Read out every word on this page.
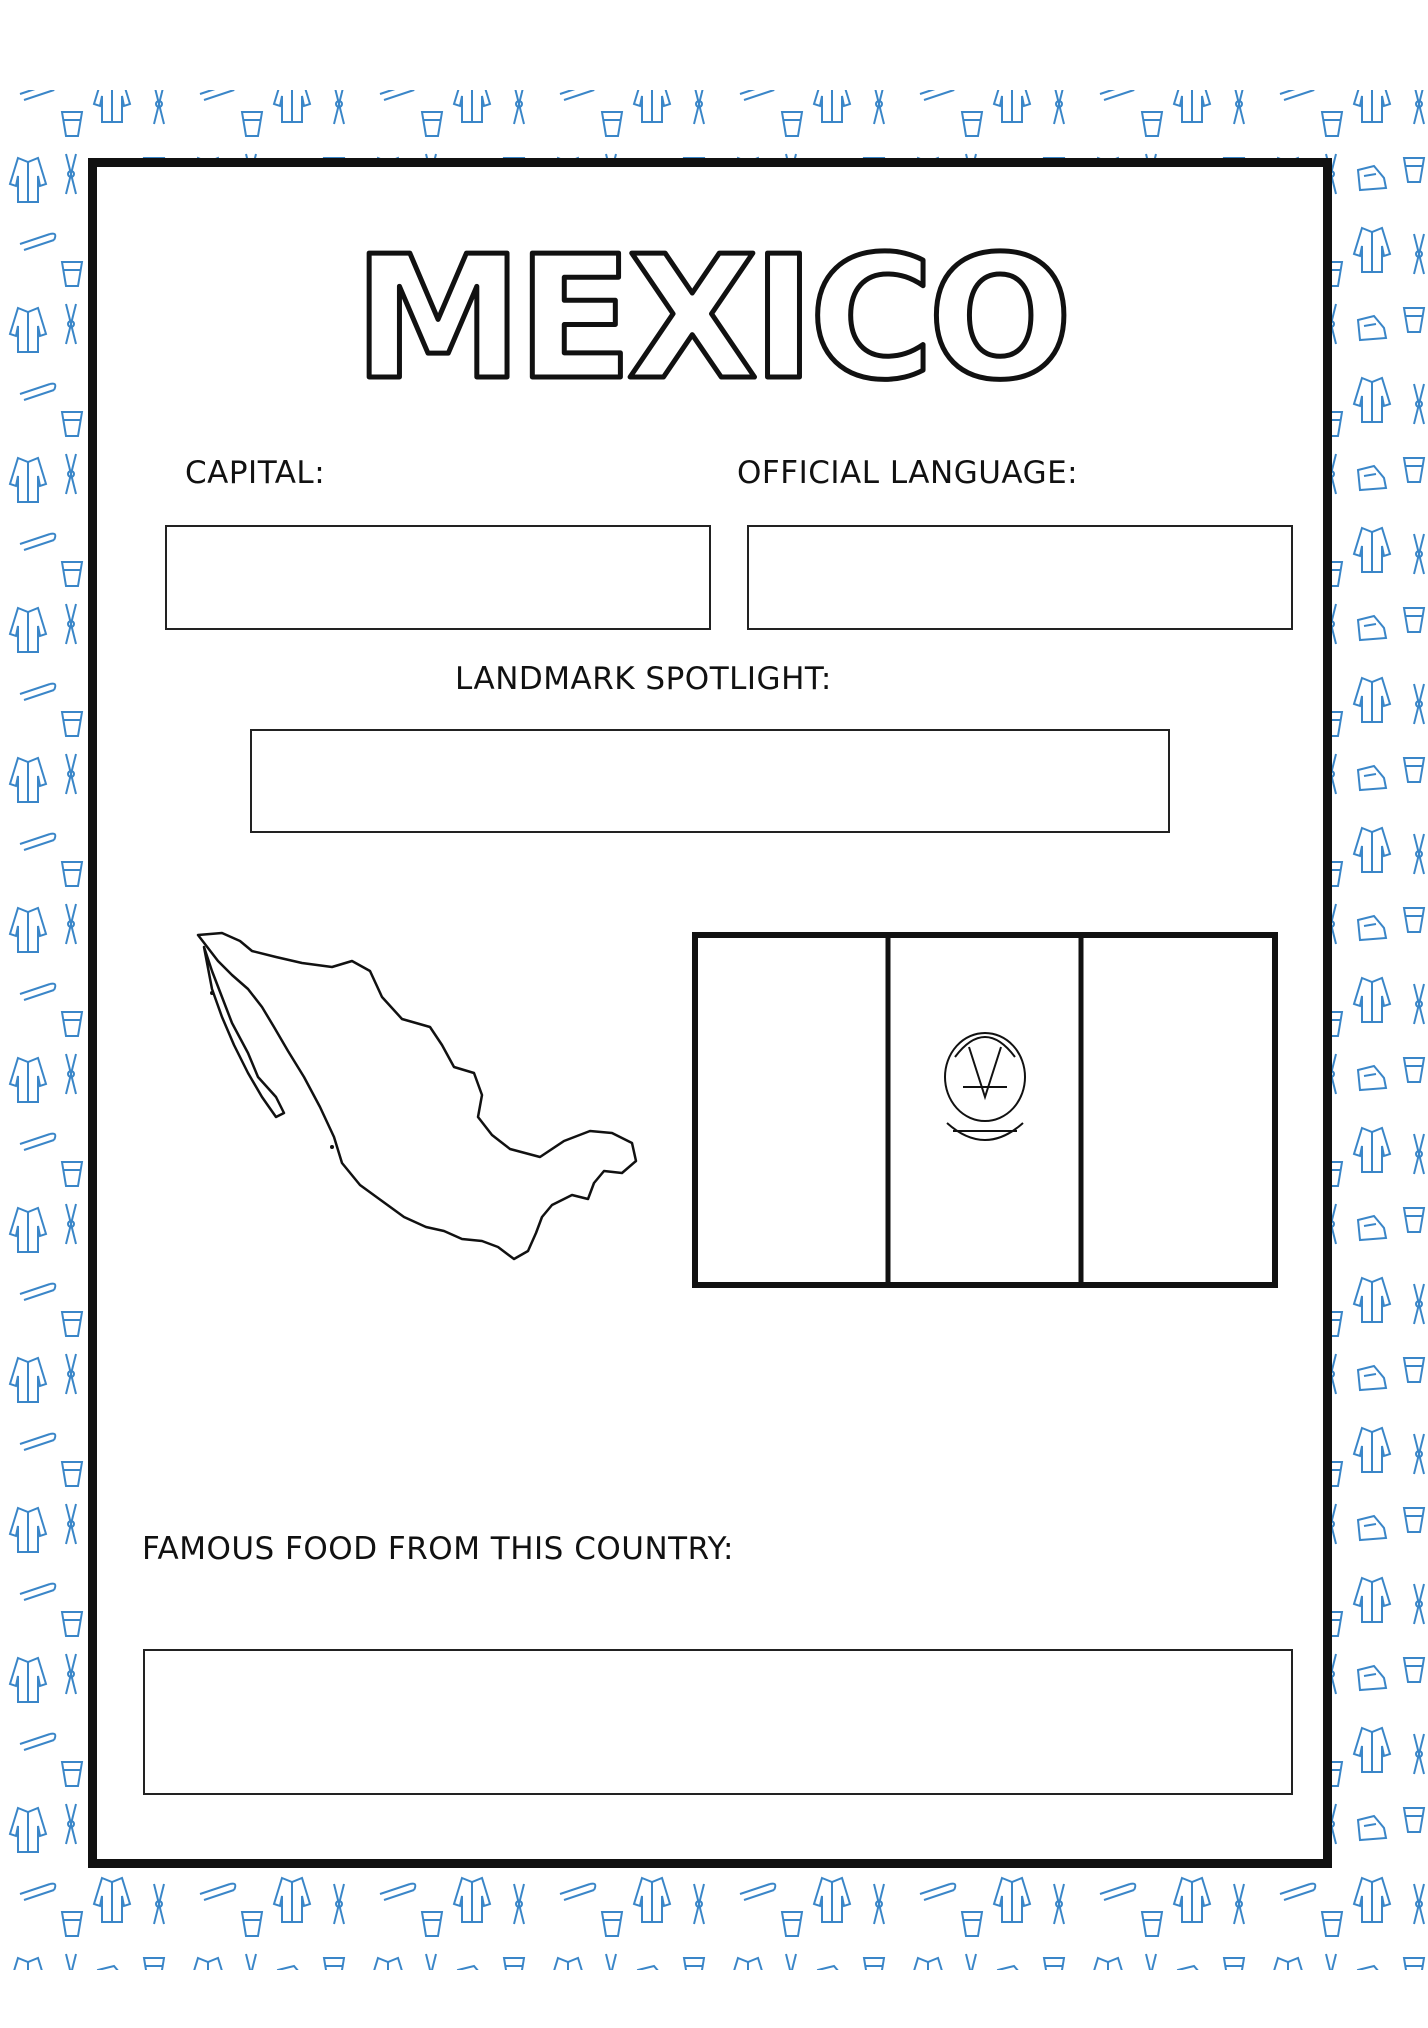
MEXICO
CAPITAL:	OFFICIAL LANGUAGE:
LANDMARK SPOTLIGHT:
FAMOUS FOOD FROM THIS COUNTRY:
